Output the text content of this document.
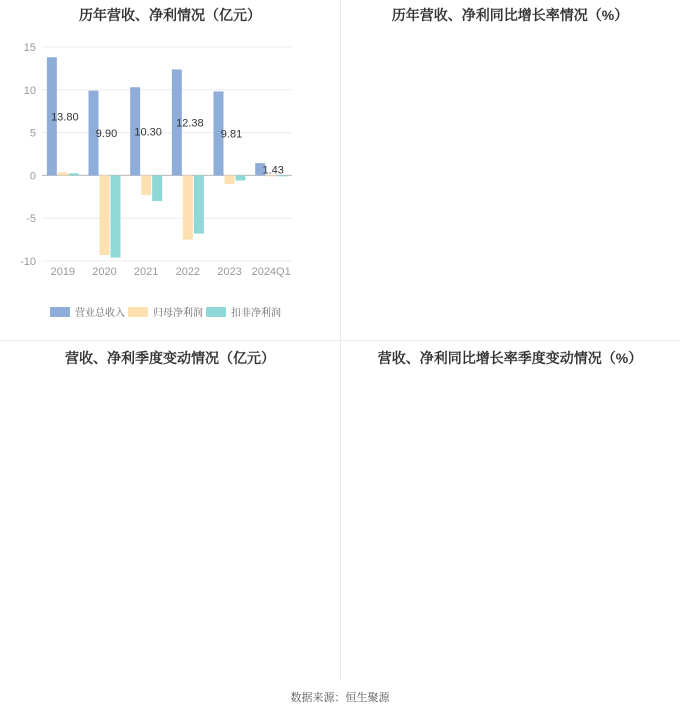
历年营收、净利情况（亿元）
15
10
5
0
-5
-10
2019 2020 2021 2022 2023 2024Q1
13.80
9.90 10.30
12.38
9.81
1.43
营业总收入	归母净利润	扣非净利润
历年营收、净利同比增长率情况（%）
营收、净利季度变动情况（亿元）	营收、净利同比增长率季度变动情况（%）
数据来源：恒生聚源
